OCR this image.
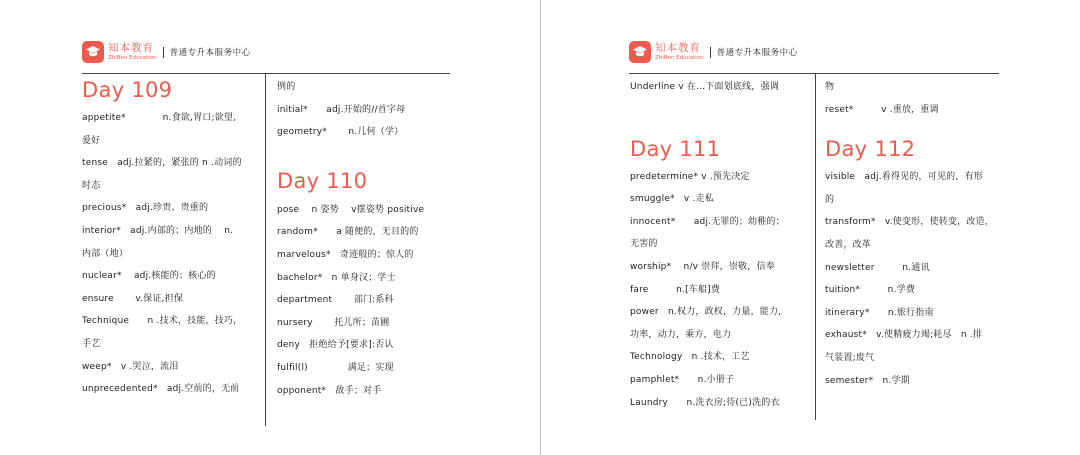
知本教育
ZhiBen Education 普通专升本服务中心
Day 109
appetite*　　　　n.食欲,胃口;欲望,
爱好
tense　adj.拉紧的，紧张的 n .动词的
时态
precious*　adj.珍贵、贵重的
interior*　adj.内部的；内地的　 n.
内部（地）
nuclear*　 adj.核能的；核心的
ensure　　 v.保证,担保
Technique　　n .技术，技能，技巧，
手艺
weep*　v .哭泣，流泪
unprecedented*　adj.空前的，无前
例的
initial*　　adj.开始的//首字母
geometry*　　 n.几何（学）
Day 110
pose　 n 姿势　 v摆姿势 positive
random*　　a 随便的，无目的的
marvelous*　奇迹般的；惊人的
bachelor*　n 单身汉；学士
department　　 部门:系科
nursery　　 托儿所；苗圃
deny　拒绝给予[要求]:否认
fulfil(l)　　　　 满足；实现
opponent*　敌手；对手
知本教育
ZhiBen Education 普通专升本服务中心
Underline v 在…下面划底线，强调
Day 111
predetermine* v .预先决定
smuggle*　v .走私
innocent*　　adj.无罪的；幼稚的；
无害的
worship*　 n/v 崇拜，崇敬，信奉
fare　　　n.[车船]费
power　n.权力，政权，力量，能力，
功率，动力，乘方，电力
Technology　n .技术，工艺
pamphlet*　　n.小册子
Laundry　　n.洗衣房;待(已)洗的衣
物
reset*　　　v .重放，重调
Day 112
visible　adj.看得见的，可见的，有形
的
transform*　v.使变形，使转变，改造，
改善，改革
newsletter　　　n.通讯
tuition*　　　n.学费
itinerary*　　n.旅行指南
exhaust*　v.使精疲力竭;耗尽　n .排
气装置;废气
semester*　n.学期
